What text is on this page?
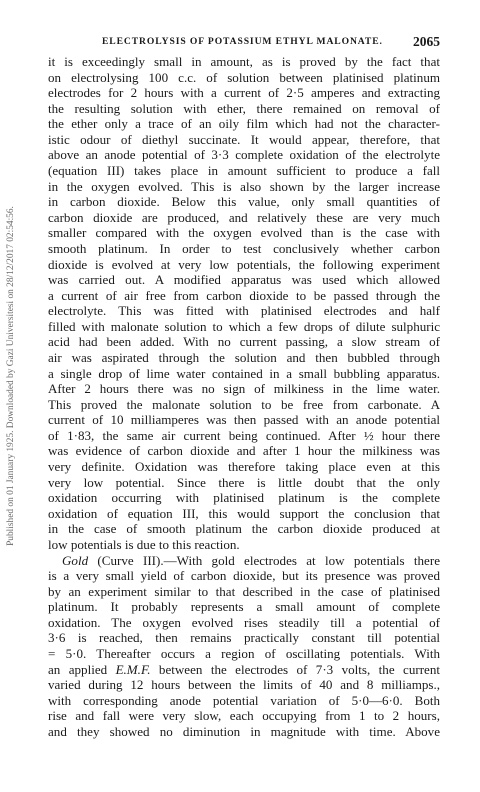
ELECTROLYSIS OF POTASSIUM ETHYL MALONATE. 2065
Published on 01 January 1925. Downloaded by Gazi Universitesi on 28/12/2017 02:54:56.
it is exceedingly small in amount, as is proved by the fact that
on electrolysing 100 c.c. of solution between platinised platinum
electrodes for 2 hours with a current of 2·5 amperes and extracting
the resulting solution with ether, there remained on removal of
the ether only a trace of an oily film which had not the character-
istic odour of diethyl succinate. It would appear, therefore, that
above an anode potential of 3·3 complete oxidation of the electrolyte
(equation III) takes place in amount sufficient to produce a fall
in the oxygen evolved. This is also shown by the larger increase
in carbon dioxide. Below this value, only small quantities of
carbon dioxide are produced, and relatively these are very much
smaller compared with the oxygen evolved than is the case with
smooth platinum. In order to test conclusively whether carbon
dioxide is evolved at very low potentials, the following experiment
was carried out. A modified apparatus was used which allowed
a current of air free from carbon dioxide to be passed through the
electrolyte. This was fitted with platinised electrodes and half
filled with malonate solution to which a few drops of dilute sulphuric
acid had been added. With no current passing, a slow stream of
air was aspirated through the solution and then bubbled through
a single drop of lime water contained in a small bubbling apparatus.
After 2 hours there was no sign of milkiness in the lime water.
This proved the malonate solution to be free from carbonate. A
current of 10 milliamperes was then passed with an anode potential
of 1·83, the same air current being continued. After ½ hour there
was evidence of carbon dioxide and after 1 hour the milkiness was
very definite. Oxidation was therefore taking place even at this
very low potential. Since there is little doubt that the only
oxidation occurring with platinised platinum is the complete
oxidation of equation III, this would support the conclusion that
in the case of smooth platinum the carbon dioxide produced at
low potentials is due to this reaction.
Gold (Curve III).—With gold electrodes at low potentials there
is a very small yield of carbon dioxide, but its presence was proved
by an experiment similar to that described in the case of platinised
platinum. It probably represents a small amount of complete
oxidation. The oxygen evolved rises steadily till a potential of
3·6 is reached, then remains practically constant till potential
= 5·0. Thereafter occurs a region of oscillating potentials. With
an applied E.M.F. between the electrodes of 7·3 volts, the current
varied during 12 hours between the limits of 40 and 8 milliamps.,
with corresponding anode potential variation of 5·0—6·0. Both
rise and fall were very slow, each occupying from 1 to 2 hours,
and they showed no diminution in magnitude with time. Above
